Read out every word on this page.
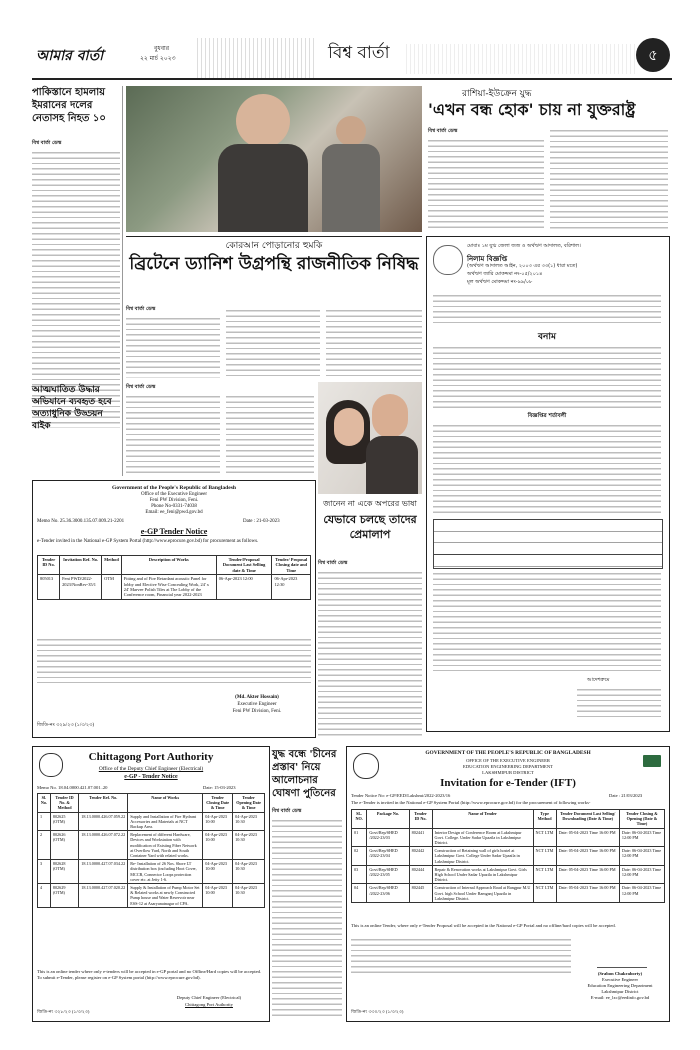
আমার বার্তা	বুধবার
২২ মার্চ ২০২৩	বিশ্ব বার্তা	৫
পাকিস্তানে হামলায় ইমরানের দলের নেতাসহ নিহত ১০
বিশ্ব বার্তা ডেস্ক
রাশিয়া-ইউক্রেন যুদ্ধ
'এখন বন্ধ হোক' চায় না যুক্তরাষ্ট্র
বিশ্ব বার্তা ডেস্ক
কোরআন পোড়ানোর হুমকি
ব্রিটেনে ড্যানিশ উগ্রপন্থি রাজনীতিক নিষিদ্ধ
বিশ্ব বার্তা ডেস্ক
মোবাঃ ১ম যুগ্ম জেলা জজ ও অর্থঋণ আদালত, বরিশাল।
নিলাম বিজ্ঞপ্তি
(অর্থঋণ আদালত আইন, ২০০৩ এর ৩৩(১) ধারা মতে)
অর্থঋণ জারি মোকদ্দমা নং-০৫/২০১৪
মূল অর্থঋণ মোকদ্দমা নং-৯৯/০৮
বনাম
বিজ্ঞপ্তির শর্তাবলী
আদেশক্রমে
আত্মঘাতিত উদ্ধার অভিযানে ব্যবহৃত হবে অত্যাধুনিক উড্ডয়ন বাইক
বিশ্ব বার্তা ডেস্ক
Government of the People's Republic of Bangladesh
Office of the Executive Engineer
Feni PW Division, Feni.
Phone No-0331-74038
Email: ee_feni@pwd.gov.bd
Memo No. 25.36.3000.135.07.009.21-2201	Date : 21-03-2023
e-GP Tender Notice
e-Tender invited in the National e-GP System Portal (http://www.eprocure.gov.bd) for procurement as follows.
Tender ID No.	Invitation Ref. No.	Method	Description of Works	Tender/Proposal Document Last Selling date & Time	Tender/ Proposal Closing date and Time
805013	Feni PWD/2022-2023/NonRev-35/1	OTM	Fitting and of Fire Retardant acoustic Panel for lobby and Elective Wise Concealing Work, 24' x 24' Marvee Polish Tiles at The Lobby of the Conference room, Financial year 2022-2023	06-Apr-2023 12:00	06-Apr-2023 12:30
(Md. Akter Hossain)
Executive Engineer
Feni PW Division, Feni.
জিডি-নং ৩২৯/২৩ (১/৩/২৩)
জানেন না একে অপরের ভাষা
যেভাবে চলছে তাদের প্রেমালাপ
বিশ্ব বার্তা ডেস্ক
Chittagong Port Authority
Office of the Deputy Chief Engineer (Electrical)
e-GP - Tender Notice
Memo No. 18.04.0000.421.07.001..20	Date: 15-03-2023
Sl. No.	Tender ID No. & Method	Tender Ref. No.	Name of Works	Tender Closing Date & Time	Tender Opening Date & Time
1	802625 (OTM)	18.13.0000.426.07.059.22	Supply and Installation of Fire Hydrant Accessories and Materials at NCT Backup Area.	04-Apr-2023 10:00	04-Apr-2023 10:30
2	802626 (OTM)	18.13.0000.426.07.072.22	Replacement of different Hardware, Devices and Workstation with modification of Existing Fiber Network at Overflow Yard, North and South Container Yard with related works.	04-Apr-2023 10:00	04-Apr-2023 10:30
3	802628 (OTM)	18.13.0000.427.07.034.22	Re- Installation of 26 Nos. Shore LT distribution box (including Hoot Cover, MCCB, Connector Loops protection cover etc. at Jetty 1-6.	04-Apr-2023 10:00	04-Apr-2023 10:30
4	802629 (OTM)	18.13.0000.427.07.020.22	Supply & Installation of Pump Motor Set & Related works at newly Constructed Pump house and Water Reservoir near ESS-12 at Asaryanatnagar of CPA.	04-Apr-2023 10:00	04-Apr-2023 10:30
This is an online tender where only e-tenders will be accepted in e-GP portal and no Offline/Hard copies will be accepted. To submit e-Tender, please register on e-GP System portal (http://www.eprocure.gov.bd).
Deputy Chief Engineer (Electrical)
Chittagong Port Authority
জিডি-নং ৩২৮/২৩ (১/৩/২৩)
যুদ্ধ বন্ধে 'চীনের প্রস্তাব' নিয়ে আলোচনার ঘোষণা পুতিনের
বিশ্ব বার্তা ডেস্ক
GOVERNMENT OF THE PEOPLE'S REPUBLIC OF BANGLADESH
OFFICE OF THE EXECUTIVE ENGINEER
EDUCATION ENGINEERING DEPARTMENT
LAKSHMIPUR DISTRICT
Invitation for e-Tender (IFT)
Tender Notice No: e-GP/EED/Lakshmi/2022-2023/16	Date : 21/03/2023
The e-Tender is invited in the National e-GP System Portal (http://www.eprocure.gov.bd) for the procurement of following works-
SL. NO.	Package No.	Tender ID No.	Name of Tender	Type Method	Tender Document Last Selling/ Downloading (Date & Time)	Tender Closing & Opening (Date & Time)
01	Govt/Rep/SHED /2022-23/03	802441	Interior Design of Conference Room at Lakshmipur Govt. College. Under Sadar Upazila in Lakshmipur District.	NCT LTM	Date: 05-04-2023 Time 16:00 PM	Date: 06-04-2023 Time 12:00 PM
02	Govt/Rep/SHED /2022-23/04	802442	Construction of Retaining wall of girls hostel at Lakshmipur Govt. College Under Sadar Upazila in Lakshmipur District.	NCT LTM	Date: 05-04-2023 Time 16:00 PM	Date: 06-04-2023 Time 12:00 PM
03	Govt/Rep/SHED /2022-23/05	802444	Repair & Renovation works at Lakshmipur Govt. Girls High School Under Sadar Upazila in Lakshmipur District.	NCT LTM	Date: 05-04-2023 Time 16:00 PM	Date: 06-04-2023 Time 12:00 PM
04	Govt/Rep/SHED /2022-23/06	802445	Construction of Internal Approach Road at Rangpur M.U Govt. high School Under Ramganj Upazila in Lakshmipur District.	NCT LTM	Date: 05-04-2023 Time 16:00 PM	Date: 06-04-2023 Time 12:00 PM
This is an online Tender, where only e-Tender Proposal will be accepted in the National e-GP Portal and no offline/hard copies will be accepted.
(Srabon Chakraborty)
Executive Engineer
Education Engineering Department
Lakshmipur District
E-mail: ee_lxc@eedinfo.gov.bd
জিডি-নং ৩৩০/২৩ (১/৩/২৩)
